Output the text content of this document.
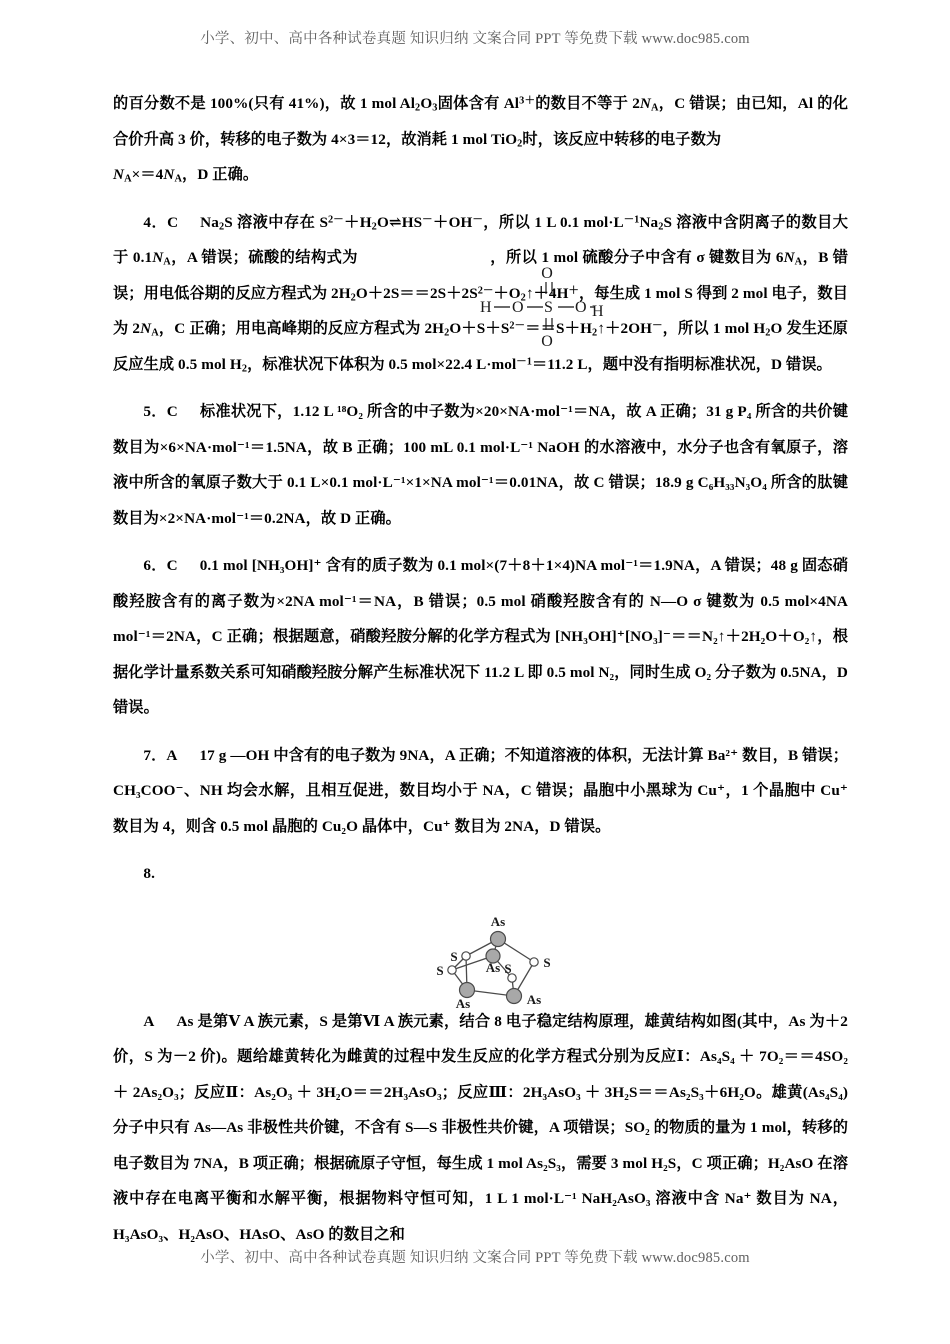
小学、初中、高中各种试卷真题 知识归纳 文案合同 PPT 等免费下载 www.doc985.com

的百分数不是 100%(只有 41%)，故 1 mol $Al_2O_3$固体含有 $Al^{3+}$的数目不等于 $2N_A$，C 错误；由已知，Al 的化合价升高 3 价，转移的电子数为 4×3＝12，故消耗 1 mol TiO$_2$时，该反应中转移的电子数为

$N_A\times=4N_A$，D 正确。

4．C $Na_2S$ 溶液中存在 $S^{2-}+H_2O\rightleftharpoons HS^-+OH^-$，所以 1 L 0.1 $mol\cdot L^{-1}Na_2S$ 溶液中含阴离子的数目大于 $0.1N_A$，A 错误；硫酸的结构式为	，所以 1 mol 硫酸分子中含有 σ 键数目为 $6N_A$，B 错误；用电低谷期的反应方程式为 $2H_2O+2S==2S+2S^{2-}+O_2↑+4H^+$，每生成 1 mol S 得到 2 mol 电子，数目为 $2N_A$，C 正确；用电高峰期的反应方程式为 $2H_2O+S+S^{2-}==S+H_2↑+2OH^-$，所以 1 mol $H_2O$ 发生还原反应生成 0.5 mol $H_2$，标准状况下体积为 0.5 mol×22.4 L·mol$^{-1}$＝11.2 L，题中没有指明标准状况，D 错误。

5．C 标准状况下，1.12 L ¹⁸O₂ 所含的中子数为×20×NA·mol⁻¹＝NA，故 A 正确；31 g P₄ 所含的共价键数目为×6×NA·mol⁻¹＝1.5NA，故 B 正确；100 mL 0.1 mol·L⁻¹ NaOH 的水溶液中，水分子也含有氧原子，溶液中所含的氧原子数大于 0.1 L×0.1 mol·L⁻¹×1×NA mol⁻¹＝0.01NA，故 C 错误；18.9 g C₆H₃₃N₃O₄ 所含的肽键数目为×2×NA·mol⁻¹＝0.2NA，故 D 正确。

6．C 0.1 mol [NH₃OH]⁺ 含有的质子数为 0.1 mol×(7＋8＋1×4)NA mol⁻¹＝1.9NA，A 错误；48 g 固态硝酸羟胺含有的离子数为×2NA mol⁻¹＝NA，B 错误；0.5 mol 硝酸羟胺含有的 N—O σ 键数为 0.5 mol×4NA mol⁻¹＝2NA，C 正确；根据题意，硝酸羟胺分解的化学方程式为 [NH₃OH]⁺[NO₃]⁻＝＝N₂↑＋2H₂O＋O₂↑，根据化学计量系数关系可知硝酸羟胺分解产生标准状况下 11.2 L 即 0.5 mol N₂，同时生成 O₂ 分子数为 0.5NA，D 错误。

7．A 17 g —OH 中含有的电子数为 9NA，A 正确；不知道溶液的体积，无法计算 Ba²⁺ 数目，B 错误；CH₃COO⁻、NH 均会水解，且相互促进，数目均小于 NA，C 错误；晶胞中小黑球为 Cu⁺，1 个晶胞中 Cu⁺ 数目为 4，则含 0.5 mol 晶胞的 Cu₂O 晶体中，Cu⁺ 数目为 2NA，D 错误。

8.

A As 是第Ⅴ A 族元素，S 是第Ⅵ A 族元素，结合 8 电子稳定结构原理，雄黄结构如图(其中，As 为＋2 价，S 为－2 价)。题给雄黄转化为雌黄的过程中发生反应的化学方程式分别为反应Ⅰ：As₄S₄ ＋ 7O₂＝＝4SO₂ ＋ 2As₂O₃；反应Ⅱ：As₂O₃ ＋ 3H₂O＝＝2H₃AsO₃；反应Ⅲ：2H₃AsO₃ ＋ 3H₂S＝＝As₂S₃＋6H₂O。雄黄(As₄S₄)分子中只有 As—As 非极性共价键，不含有 S—S 非极性共价键，A 项错误；SO₂ 的物质的量为 1 mol，转移的电子数目为 7NA，B 项正确；根据硫原子守恒，每生成 1 mol As₂S₃，需要 3 mol H₂S，C 项正确；H₂AsO 在溶液中存在电离平衡和水解平衡，根据物料守恒可知，1 L 1 mol·L⁻¹ NaH₂AsO₃ 溶液中含 Na⁺ 数目为 NA，H₃AsO₃、H₂AsO、HAsO、AsO 的数目之和

H O S O
O
O
H
As
As
As	As
S
S
S
S
小学、初中、高中各种试卷真题 知识归纳 文案合同 PPT 等免费下载 www.doc985.com
